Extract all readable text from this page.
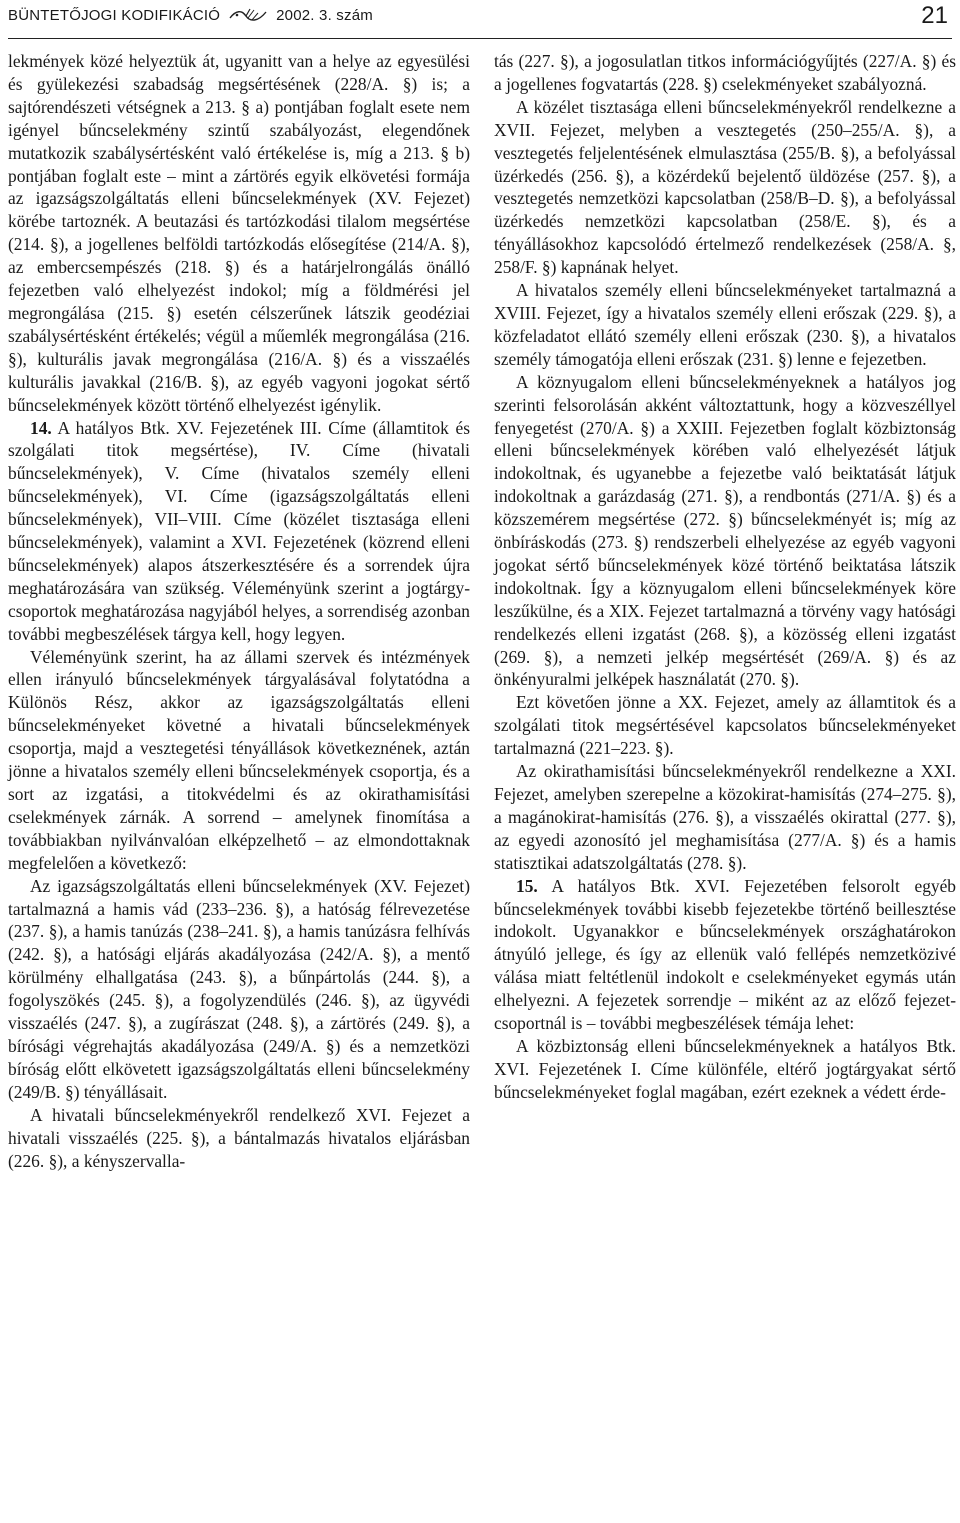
BÜNTETŐJOGI KODIFIKÁCIÓ	2002. 3. szám	21

lekmények közé helyeztük át, ugyanitt van a helye az egyesülési és gyülekezési szabadság megsértésének (228/A. §) is; a sajtórendészeti vétségnek a 213. § a) pontjában foglalt esete nem igényel bűncselekmény szintű szabályozást, elegendőnek mutatkozik szabálysértésként való értékelése is, míg a 213. § b) pontjában foglalt este – mint a zártörés egyik elkövetési formája az igazságszolgáltatás elleni bűncselekmények (XV. Fejezet) körébe tartoznék. A beutazási és tartózkodási tilalom megsértése (214. §), a jogellenes belföldi tartózkodás elősegítése (214/A. §), az embercsempészés (218. §) és a határjelrongálás önálló fejezetben való elhelyezést indokol; míg a földmérési jel megrongálása (215. §) esetén célszerűnek látszik geodéziai szabálysértésként értékelés; végül a műemlék megrongálása (216. §), kulturális javak megrongálása (216/A. §) és a visszaélés kulturális javakkal (216/B. §), az egyéb vagyoni jogokat sértő bűncselekmények között történő elhelyezést igénylik.

14. A hatályos Btk. XV. Fejezetének III. Címe (államtitok és szolgálati titok megsértése), IV. Címe (hivatali bűncselekmények), V. Címe (hivatalos személy elleni bűncselekmények), VI. Címe (igazságszolgáltatás elleni bűncselekmények), VII–VIII. Címe (közélet tisztasága elleni bűncselekmények), valamint a XVI. Fejezetének (közrend elleni bűncselekmények) alapos átszerkesztésére és a sorrendek újra meghatározására van szükség. Véleményünk szerint a jogtárgy-csoportok meghatározása nagyjából helyes, a sorrendiség azonban további megbeszélések tárgya kell, hogy legyen.

Véleményünk szerint, ha az állami szervek és intézmények ellen irányuló bűncselekmények tárgyalásával folytatódna a Különös Rész, akkor az igazságszolgáltatás elleni bűncselekményeket követné a hivatali bűncselekmények csoportja, majd a vesztegetési tényállások következnének, aztán jönne a hivatalos személy elleni bűncselekmények csoportja, és a sort az izgatási, a titokvédelmi és az okirathamisítási cselekmények zárnák. A sorrend – amelynek finomítása a továbbiakban nyilvánvalóan elképzelhető – az elmondottaknak megfelelően a következő:

Az igazságszolgáltatás elleni bűncselekmények (XV. Fejezet) tartalmazná a hamis vád (233–236. §), a hatóság félrevezetése (237. §), a hamis tanúzás (238–241. §), a hamis tanúzásra felhívás (242. §), a hatósági eljárás akadályozása (242/A. §), a mentő körülmény elhallgatása (243. §), a bűnpártolás (244. §), a fogolyszökés (245. §), a fogolyzendülés (246. §), az ügyvédi visszaélés (247. §), a zugírászat (248. §), a zártörés (249. §), a bírósági végrehajtás akadályozása (249/A. §) és a nemzetközi bíróság előtt elkövetett igazságszolgáltatás elleni bűncselekmény (249/B. §) tényállásait.

A hivatali bűncselekményekről rendelkező XVI. Fejezet a hivatali visszaélés (225. §), a bántalmazás hivatalos eljárásban (226. §), a kényszervalla-

tás (227. §), a jogosulatlan titkos információgyűjtés (227/A. §) és a jogellenes fogvatartás (228. §) cselekményeket szabályozná.

A közélet tisztasága elleni bűncselekményekről rendelkezne a XVII. Fejezet, melyben a vesztegetés (250–255/A. §), a vesztegetés feljelentésének elmulasztása (255/B. §), a befolyással üzérkedés (256. §), a közérdekű bejelentő üldözése (257. §), a vesztegetés nemzetközi kapcsolatban (258/B–D. §), a befolyással üzérkedés nemzetközi kapcsolatban (258/E. §), és a tényállásokhoz kapcsolódó értelmező rendelkezések (258/A. §, 258/F. §) kapnának helyet.

A hivatalos személy elleni bűncselekményeket tartalmazná a XVIII. Fejezet, így a hivatalos személy elleni erőszak (229. §), a közfeladatot ellátó személy elleni erőszak (230. §), a hivatalos személy támogatója elleni erőszak (231. §) lenne e fejezetben.

A köznyugalom elleni bűncselekményeknek a hatályos jog szerinti felsorolásán akként változtattunk, hogy a közveszéllyel fenyegetést (270/A. §) a XXIII. Fejezetben foglalt közbiztonság elleni bűncselekmények körében való elhelyezését látjuk indokoltnak, és ugyanebbe a fejezetbe való beiktatását látjuk indokoltnak a garázdaság (271. §), a rendbontás (271/A. §) és a közszemérem megsértése (272. §) bűncselekményét is; míg az önbíráskodás (273. §) rendszerbeli elhelyezése az egyéb vagyoni jogokat sértő bűncselekmények közé történő beiktatása látszik indokoltnak. Így a köznyugalom elleni bűncselekmények köre leszűkülne, és a XIX. Fejezet tartalmazná a törvény vagy hatósági rendelkezés elleni izgatást (268. §), a közösség elleni izgatást (269. §), a nemzeti jelkép megsértését (269/A. §) és az önkényuralmi jelképek használatát (270. §).

Ezt követően jönne a XX. Fejezet, amely az államtitok és a szolgálati titok megsértésével kapcsolatos bűncselekményeket tartalmazná (221–223. §).

Az okirathamisítási bűncselekményekről rendelkezne a XXI. Fejezet, amelyben szerepelne a közokirat-hamisítás (274–275. §), a magánokirat-hamisítás (276. §), a visszaélés okirattal (277. §), az egyedi azonosító jel meghamisítása (277/A. §) és a hamis statisztikai adatszolgáltatás (278. §).

15. A hatályos Btk. XVI. Fejezetében felsorolt egyéb bűncselekmények további kisebb fejezetekbe történő beillesztése indokolt. Ugyanakkor e bűncselekmények országhatárokon átnyúló jellege, és így az ellenük való fellépés nemzetközivé válása miatt feltétlenül indokolt e cselekményeket egymás után elhelyezni. A fejezetek sorrendje – miként az az előző fejezet-csoportnál is – további megbeszélések témája lehet:

A közbiztonság elleni bűncselekményeknek a hatályos Btk. XVI. Fejezetének I. Címe különféle, eltérő jogtárgyakat sértő bűncselekményeket foglal magában, ezért ezeknek a védett érde-
